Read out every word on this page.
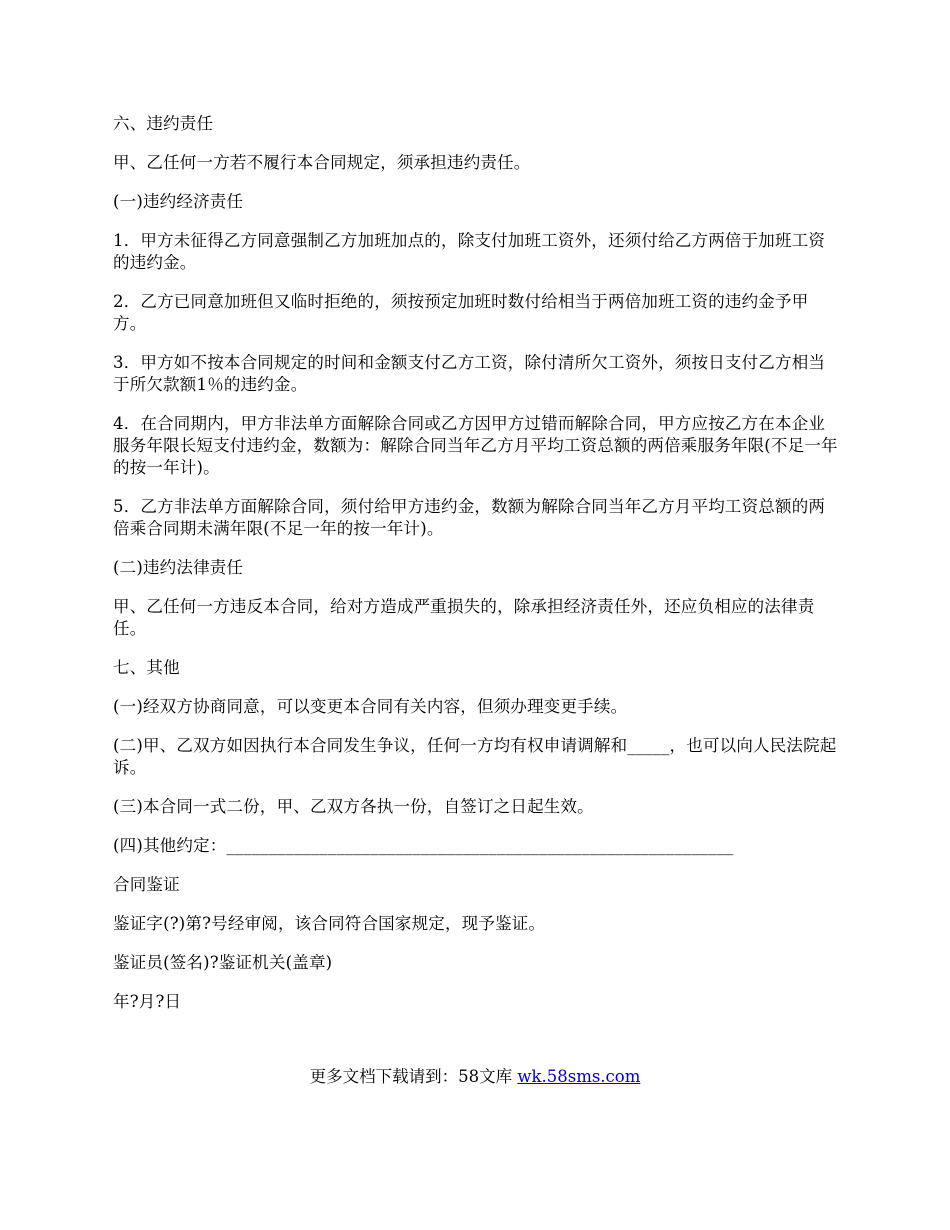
六、违约责任

甲、乙任何一方若不履行本合同规定，须承担违约责任。

(一)违约经济责任

1．甲方未征得乙方同意强制乙方加班加点的，除支付加班工资外，还须付给乙方两倍于加班工资的违约金。

2．乙方已同意加班但又临时拒绝的，须按预定加班时数付给相当于两倍加班工资的违约金予甲方。

3．甲方如不按本合同规定的时间和金额支付乙方工资，除付清所欠工资外，须按日支付乙方相当于所欠款额1％的违约金。

4．在合同期内，甲方非法单方面解除合同或乙方因甲方过错而解除合同，甲方应按乙方在本企业服务年限长短支付违约金，数额为：解除合同当年乙方月平均工资总额的两倍乘服务年限(不足一年的按一年计)。

5．乙方非法单方面解除合同，须付给甲方违约金，数额为解除合同当年乙方月平均工资总额的两倍乘合同期未满年限(不足一年的按一年计)。

(二)违约法律责任

甲、乙任何一方违反本合同，给对方造成严重损失的，除承担经济责任外，还应负相应的法律责任。

七、其他

(一)经双方协商同意，可以变更本合同有关内容，但须办理变更手续。

(二)甲、乙双方如因执行本合同发生争议，任何一方均有权申请调解和_____，也可以向人民法院起诉。

(三)本合同一式二份，甲、乙双方各执一份，自签订之日起生效。

(四)其他约定：____________________________________________________________

合同鉴证

鉴证字(?)第?号经审阅，该合同符合国家规定，现予鉴证。

鉴证员(签名)?鉴证机关(盖章)

年?月?日

更多文档下载请到：58文库 wk.58sms.com
